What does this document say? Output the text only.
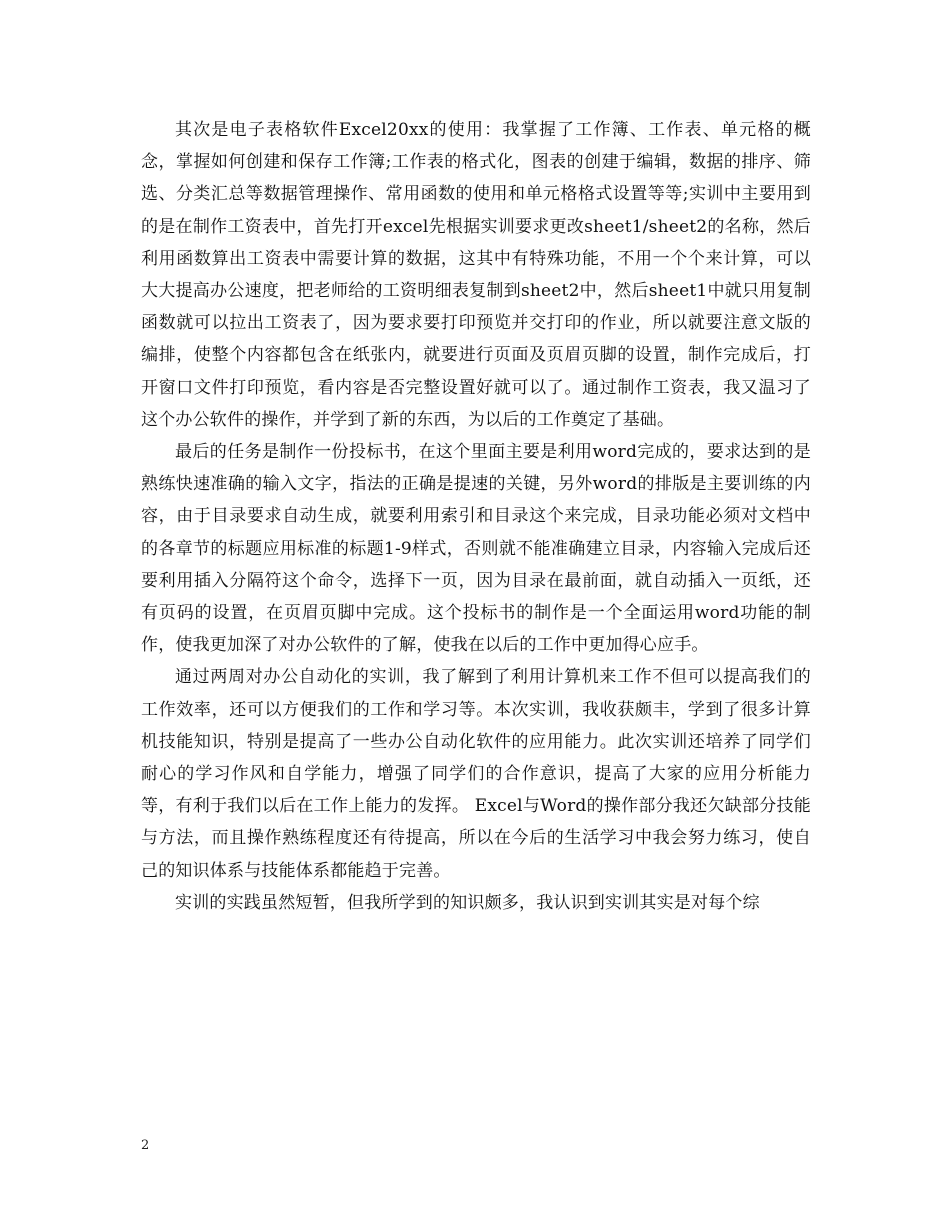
其次是电子表格软件Excel20xx的使用：我掌握了工作簿、工作表、单元格的概念，掌握如何创建和保存工作簿;工作表的格式化，图表的创建于编辑，数据的排序、筛选、分类汇总等数据管理操作、常用函数的使用和单元格格式设置等等;实训中主要用到的是在制作工资表中，首先打开excel先根据实训要求更改sheet1/sheet2的名称，然后利用函数算出工资表中需要计算的数据，这其中有特殊功能，不用一个个来计算，可以大大提高办公速度，把老师给的工资明细表复制到sheet2中，然后sheet1中就只用复制函数就可以拉出工资表了，因为要求要打印预览并交打印的作业，所以就要注意文版的编排，使整个内容都包含在纸张内，就要进行页面及页眉页脚的设置，制作完成后，打开窗口文件打印预览，看内容是否完整设置好就可以了。通过制作工资表，我又温习了这个办公软件的操作，并学到了新的东西，为以后的工作奠定了基础。

最后的任务是制作一份投标书，在这个里面主要是利用word完成的，要求达到的是熟练快速准确的输入文字，指法的正确是提速的关键，另外word的排版是主要训练的内容，由于目录要求自动生成，就要利用索引和目录这个来完成，目录功能必须对文档中的各章节的标题应用标准的标题1-9样式，否则就不能准确建立目录，内容输入完成后还要利用插入分隔符这个命令，选择下一页，因为目录在最前面，就自动插入一页纸，还有页码的设置，在页眉页脚中完成。这个投标书的制作是一个全面运用word功能的制作，使我更加深了对办公软件的了解，使我在以后的工作中更加得心应手。

通过两周对办公自动化的实训，我了解到了利用计算机来工作不但可以提高我们的工作效率，还可以方便我们的工作和学习等。本次实训，我收获颇丰，学到了很多计算机技能知识，特别是提高了一些办公自动化软件的应用能力。此次实训还培养了同学们耐心的学习作风和自学能力，增强了同学们的合作意识，提高了大家的应用分析能力等，有利于我们以后在工作上能力的发挥。 Excel与Word的操作部分我还欠缺部分技能与方法，而且操作熟练程度还有待提高，所以在今后的生活学习中我会努力练习，使自己的知识体系与技能体系都能趋于完善。

实训的实践虽然短暂，但我所学到的知识颇多，我认识到实训其实是对每个综

2
